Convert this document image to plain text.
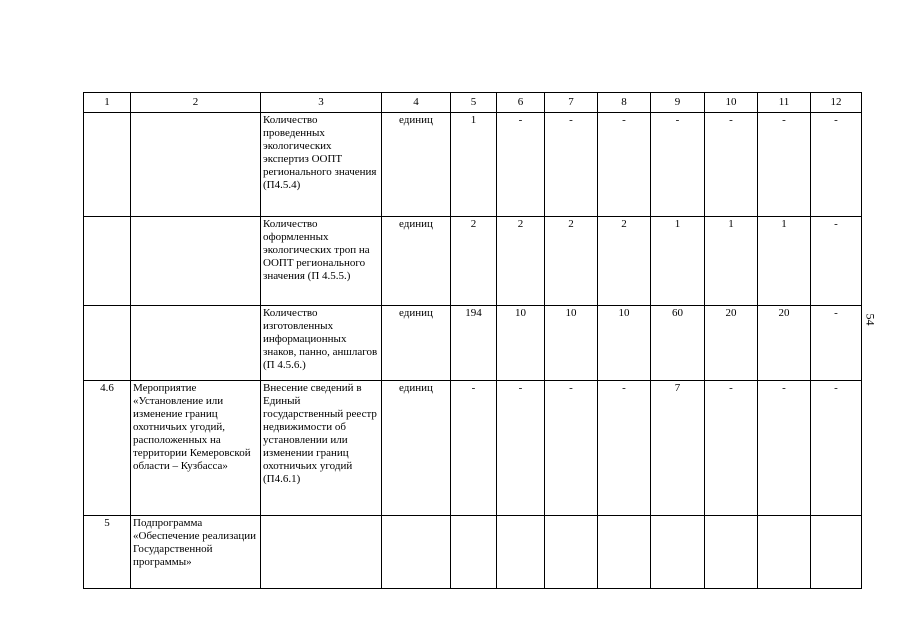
1	2	3	4	5	6	7	8	9	10	11	12
		Количество проведенных экологических экспертиз ООПТ регионального значения (П4.5.4)	единиц	1	-	-	-	-	-	-	-
		Количество оформленных экологических троп на ООПТ регионального значения (П 4.5.5.)	единиц	2	2	2	2	1	1	1	-
		Количество изготовленных информационных знаков, панно, аншлагов (П 4.5.6.)	единиц	194	10	10	10	60	20	20	-
4.6	Мероприятие «Установление или изменение границ охотничьих угодий, расположенных на территории Кемеровской области – Кузбасса»	Внесение сведений в Единый государственный реестр недвижимости об установлении или изменении границ охотничьих угодий (П4.6.1)	единиц	-	-	-	-	7	-	-	-
5	Подпрограмма «Обеспечение реализации Государственной программы»										
54
